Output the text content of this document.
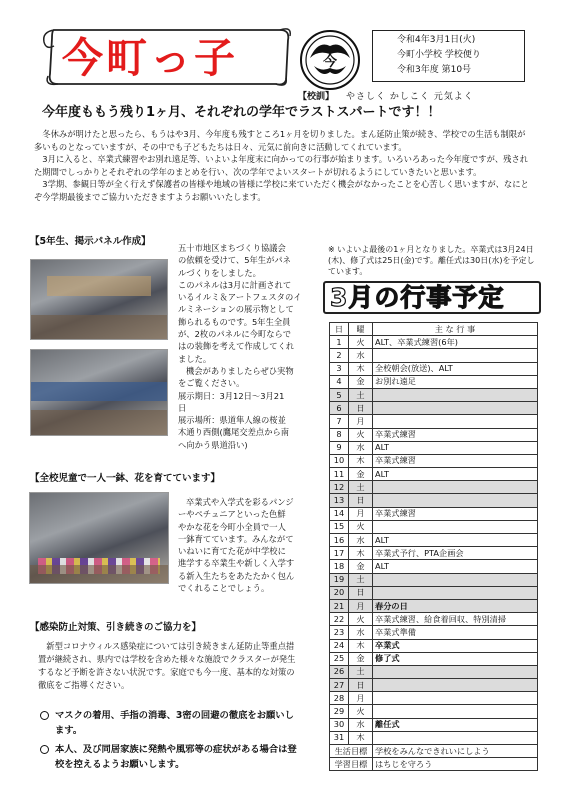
今町っ子	今
令和4年3月1日(火)
今町小学校 学校便り
令和3年度 第10号
【校訓】 やさしく かしこく 元気よく
今年度ももう残り1ヶ月、それぞれの学年でラストスパートです！！

冬休みが明けたと思ったら、もうはや3月、今年度も残すところ1ヶ月を切りました。まん延防止策が続き、学校での生活も制限が多いものとなっていますが、その中でも子どもたちは日々、元気に前向きに活動してくれています。

3月に入ると、卒業式練習やお別れ遠足等、いよいよ年度末に向かっての行事が始まります。いろいろあった今年度ですが、残された期間でしっかりとそれぞれの学年のまとめを行い、次の学年でよいスタートが切れるようにしていきたいと思います。

3学期、参観日等が全く行えず保護者の皆様や地域の皆様に学校に来ていただく機会がなかったことを心苦しく思いますが、なにとぞ今学期最後までご協力いただきますようお願いいたします。

【5年生、掲示パネル作成】
五十市地区まちづくり協議会
の依頼を受けて、5年生がパネ
ルづくりをしました。
このパネルは3月に計画されて
いるイルミ＆アートフェスタのイ
ルミネーションの展示物として
飾られるものです。5年生全員
が、2枚のパネルに今町ならで
はの装飾を考えて作成してくれ
ました。
機会がありましたらぜひ実物
をご覧ください。
展示期日：3月12日～3月21
日
展示場所：県道隼人線の桜並
木通り西側(鷹尾交差点から南
へ向かう県道沿い)
【全校児童で一人一鉢、花を育てています】
卒業式や入学式を彩るパンジ
ーやペチュニアといった色鮮
やかな花を今町小全員で一人
一鉢育てています。みんながて
いねいに育てた花が中学校に
進学する卒業生や新しく入学す
る新入生たちをあたたかく包ん
でくれることでしょう。
【感染防止対策、引き続きのご協力を】
新型コロナウィルス感染症については引き続きまん延防止等重点措置が継続され、県内では学校を含めた様々な施設でクラスターが発生するなど予断を許さない状況です。家庭でも今一度、基本的な対策の徹底をご指導ください。
マスクの着用、手指の消毒、3密の回避の徹底をお願いします。
本人、及び同居家族に発熱や風邪等の症状がある場合は登校を控えるようお願いします。
※ いよいよ最後の1ヶ月となりました。卒業式は3月24日(木)、修了式は25日(金)です。離任式は30日(水)を予定しています。
3月の行事予定
日	曜	主 な 行 事
1	火	ALT、卒業式練習(6年)
2	水	
3	木	全校朝会(放送)、ALT
4	金	お別れ遠足
5	土	
6	日	
7	月	
8	火	卒業式練習
9	水	ALT
10	木	卒業式練習
11	金	ALT
12	土	
13	日	
14	月	卒業式練習
15	火	
16	水	ALT
17	木	卒業式予行、PTA企画会
18	金	ALT
19	土	
20	日	
21	月	春分の日
22	火	卒業式練習、給食着回収、特別清掃
23	水	卒業式準備
24	木	卒業式
25	金	修了式
26	土	
27	日	
28	月	
29	火	
30	水	離任式
31	木	
生活目標		学校をみんなできれいにしよう
学習目標		はちじを守ろう
